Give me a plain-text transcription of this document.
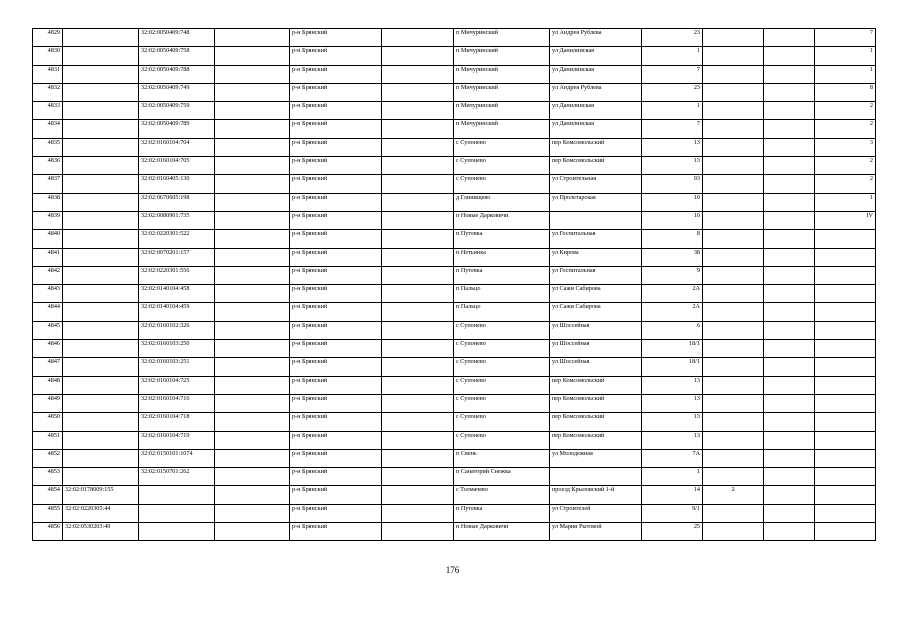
4829		32:02:0050409:748		р-н Брянский		п Мичуринский	ул Андрея Рублева	23			7
4830		32:02:0050409:758		р-н Брянский		п Мичуринский	ул Данилинская	1			1
4831		32:02:0050409:788		р-н Брянский		п Мичуринский	ул Данилинская	7			1
4832		32:02:0050409:749		р-н Брянский		п Мичуринский	ул Андрея Рублева	23			8
4833		32:02:0050409:759		р-н Брянский		п Мичуринский	ул Данилинская	1			2
4834		32:02:0050409:789		р-н Брянский		п Мичуринский	ул Данилинская	7			2
4835		32:02:0160104:704		р-н Брянский		с Супонево	пер Комсомольский	13			3
4836		32:02:0160104:705		р-н Брянский		с Супонево	пер Комсомольский	13			2
4837		32:02:0160405:130		р-н Брянский		с Супонево	ул Строительная	93			2
4838		32:02:0670605:198		р-н Брянский		д Глинищево	ул Пролетарская	10			1
4839		32:02:0080901:735		р-н Брянский		п Новые Дарковичи		10			IV
4840		32:02:0220301:522		р-н Брянский		п Путевка	ул Госпитальная	8			
4841		32:02:0070201:157		р-н Брянский		п Нетьинка	ул Кирова	38			
4842		32:02:0220301:556		р-н Брянский		п Путевка	ул Госпитальная	9			
4843		32:02:0140104:458		р-н Брянский		п Пальцо	ул Сажи Сабирова	2А			
4844		32:02:0140104:459		р-н Брянский		п Пальцо	ул Сажи Сабирова	2А			
4845		32:02:0160102:326		р-н Брянский		с Супонево	ул Шоссейная	6			
4846		32:02:0160103:250		р-н Брянский		с Супонево	ул Шоссейная	18/1			
4847		32:02:0160103:251		р-н Брянский		с Супонево	ул Шоссейная	18/1			
4848		32:02:0160104:725		р-н Брянский		с Супонево	пер Комсомольский	13			
4849		32:02:0160104:716		р-н Брянский		с Супонево	пер Комсомольский	13			
4850		32:02:0160104:718		р-н Брянский		с Супонево	пер Комсомольский	13			
4851		32:02:0160104:719		р-н Брянский		с Супонево	пер Комсомольский	13			
4852		32:02:0150101:1074		р-н Брянский		п Свень	ул Молодежная	7А			
4853		32:02:0150701:262		р-н Брянский		п Санаторий Снежка		1			
4854	32:02:0178009:155			р-н Брянский		с Толмачево	проезд Крыловский 1-й	14	2		
4855	32:02:0220305:44			р-н Брянский		п Путевка	ул Строителей	9/1			
4856	32:02:0530203:49			р-н Брянский		п Новые Дарковичи	ул Марии Рытовой	25			
176
